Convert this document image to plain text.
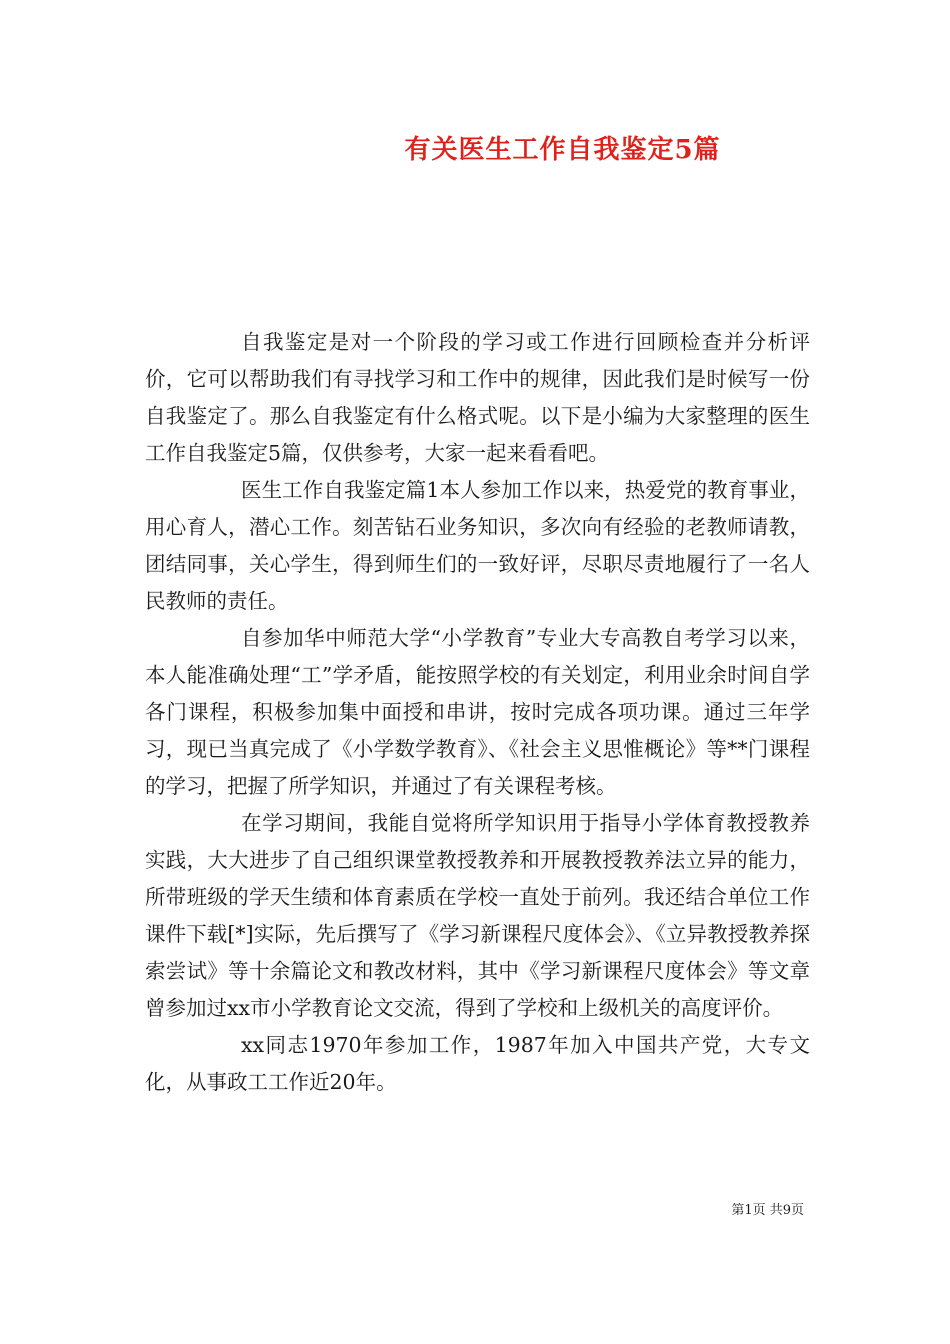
有关医生工作自我鉴定5篇

自我鉴定是对一个阶段的学习或工作进行回顾检查并分析评价，它可以帮助我们有寻找学习和工作中的规律，因此我们是时候写一份自我鉴定了。那么自我鉴定有什么格式呢。以下是小编为大家整理的医生工作自我鉴定5篇，仅供参考，大家一起来看看吧。

医生工作自我鉴定篇1本人参加工作以来，热爱党的教育事业，用心育人，潜心工作。刻苦钻石业务知识，多次向有经验的老教师请教，团结同事，关心学生，得到师生们的一致好评，尽职尽责地履行了一名人民教师的责任。

自参加华中师范大学“小学教育”专业大专高教自考学习以来，本人能准确处理“工”学矛盾，能按照学校的有关划定，利用业余时间自学各门课程，积极参加集中面授和串讲，按时完成各项功课。通过三年学习，现已当真完成了《小学数学教育》、《社会主义思惟概论》等**门课程的学习，把握了所学知识，并通过了有关课程考核。

在学习期间，我能自觉将所学知识用于指导小学体育教授教养实践，大大进步了自己组织课堂教授教养和开展教授教养法立异的能力，所带班级的学天生绩和体育素质在学校一直处于前列。我还结合单位工作课件下载[*]实际，先后撰写了《学习新课程尺度体会》、《立异教授教养探索尝试》等十余篇论文和教改材料，其中《学习新课程尺度体会》等文章曾参加过xx市小学教育论文交流，得到了学校和上级机关的高度评价。

xx同志1970年参加工作，1987年加入中国共产党，大专文化，从事政工工作近20年。

第1页 共9页
